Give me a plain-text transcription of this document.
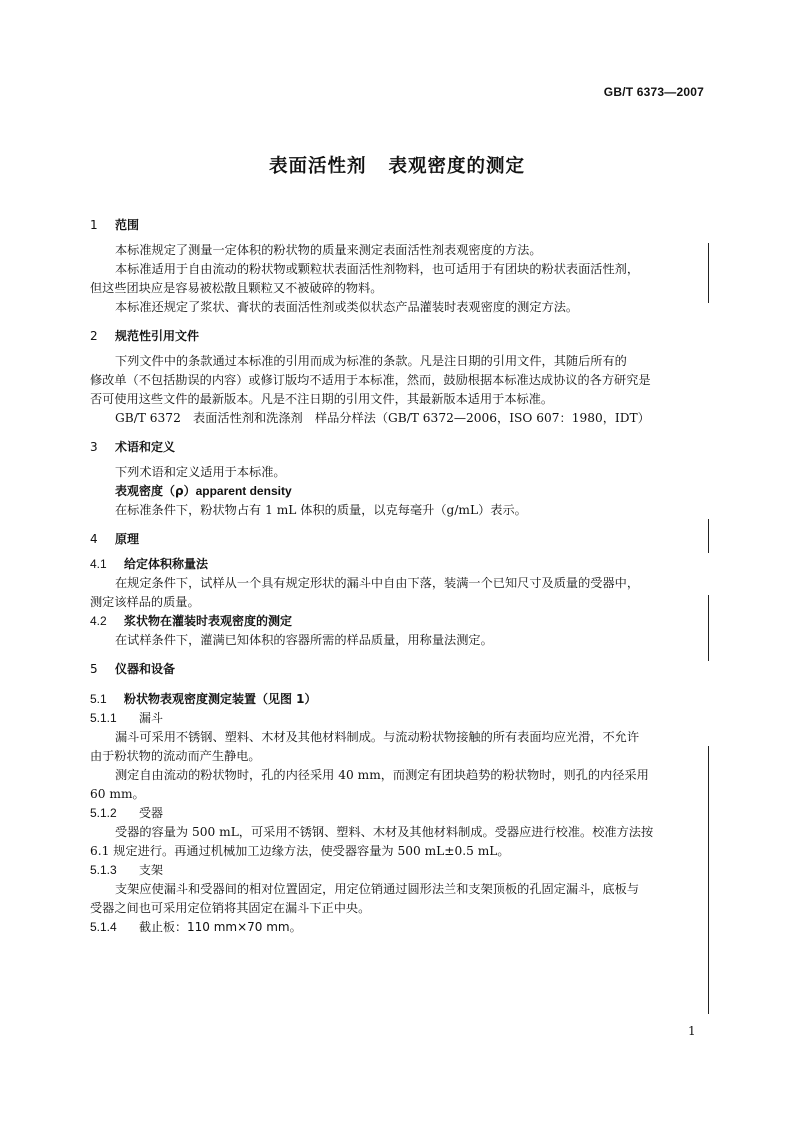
GB/T 6373—2007
表面活性剂 表观密度的测定
1 范围
本标准规定了测量一定体积的粉状物的质量来测定表面活性剂表观密度的方法。
本标准适用于自由流动的粉状物或颗粒状表面活性剂物料，也可适用于有团块的粉状表面活性剂，
但这些团块应是容易被松散且颗粒又不被破碎的物料。
本标准还规定了浆状、膏状的表面活性剂或类似状态产品灌装时表观密度的测定方法。
2 规范性引用文件
下列文件中的条款通过本标准的引用而成为标准的条款。凡是注日期的引用文件，其随后所有的
修改单（不包括勘误的内容）或修订版均不适用于本标准，然而，鼓励根据本标准达成协议的各方研究是
否可使用这些文件的最新版本。凡是不注日期的引用文件，其最新版本适用于本标准。
GB/T 6372　表面活性剂和洗涤剂　样品分样法（GB/T 6372—2006，ISO 607：1980，IDT）
3 术语和定义
下列术语和定义适用于本标准。
表观密度（ρ）apparent density
在标准条件下，粉状物占有 1 mL 体积的质量，以克每毫升（g/mL）表示。
4 原理
4.1 给定体积称量法
在规定条件下，试样从一个具有规定形状的漏斗中自由下落，装满一个已知尺寸及质量的受器中，
测定该样品的质量。
4.2 浆状物在灌装时表观密度的测定
在试样条件下，灌满已知体积的容器所需的样品质量，用称量法测定。
5 仪器和设备
5.1 粉状物表观密度测定装置（见图 1）
5.1.1 漏斗
漏斗可采用不锈钢、塑料、木材及其他材料制成。与流动粉状物接触的所有表面均应光滑，不允许
由于粉状物的流动而产生静电。
测定自由流动的粉状物时，孔的内径采用 40 mm，而测定有团块趋势的粉状物时，则孔的内径采用
60 mm。
5.1.2 受器
受器的容量为 500 mL，可采用不锈钢、塑料、木材及其他材料制成。受器应进行校准。校准方法按
6.1 规定进行。再通过机械加工边缘方法，使受器容量为 500 mL±0.5 mL。
5.1.3 支架
支架应使漏斗和受器间的相对位置固定，用定位销通过圆形法兰和支架顶板的孔固定漏斗，底板与
受器之间也可采用定位销将其固定在漏斗下正中央。
5.1.4 截止板：110 mm×70 mm。
1
